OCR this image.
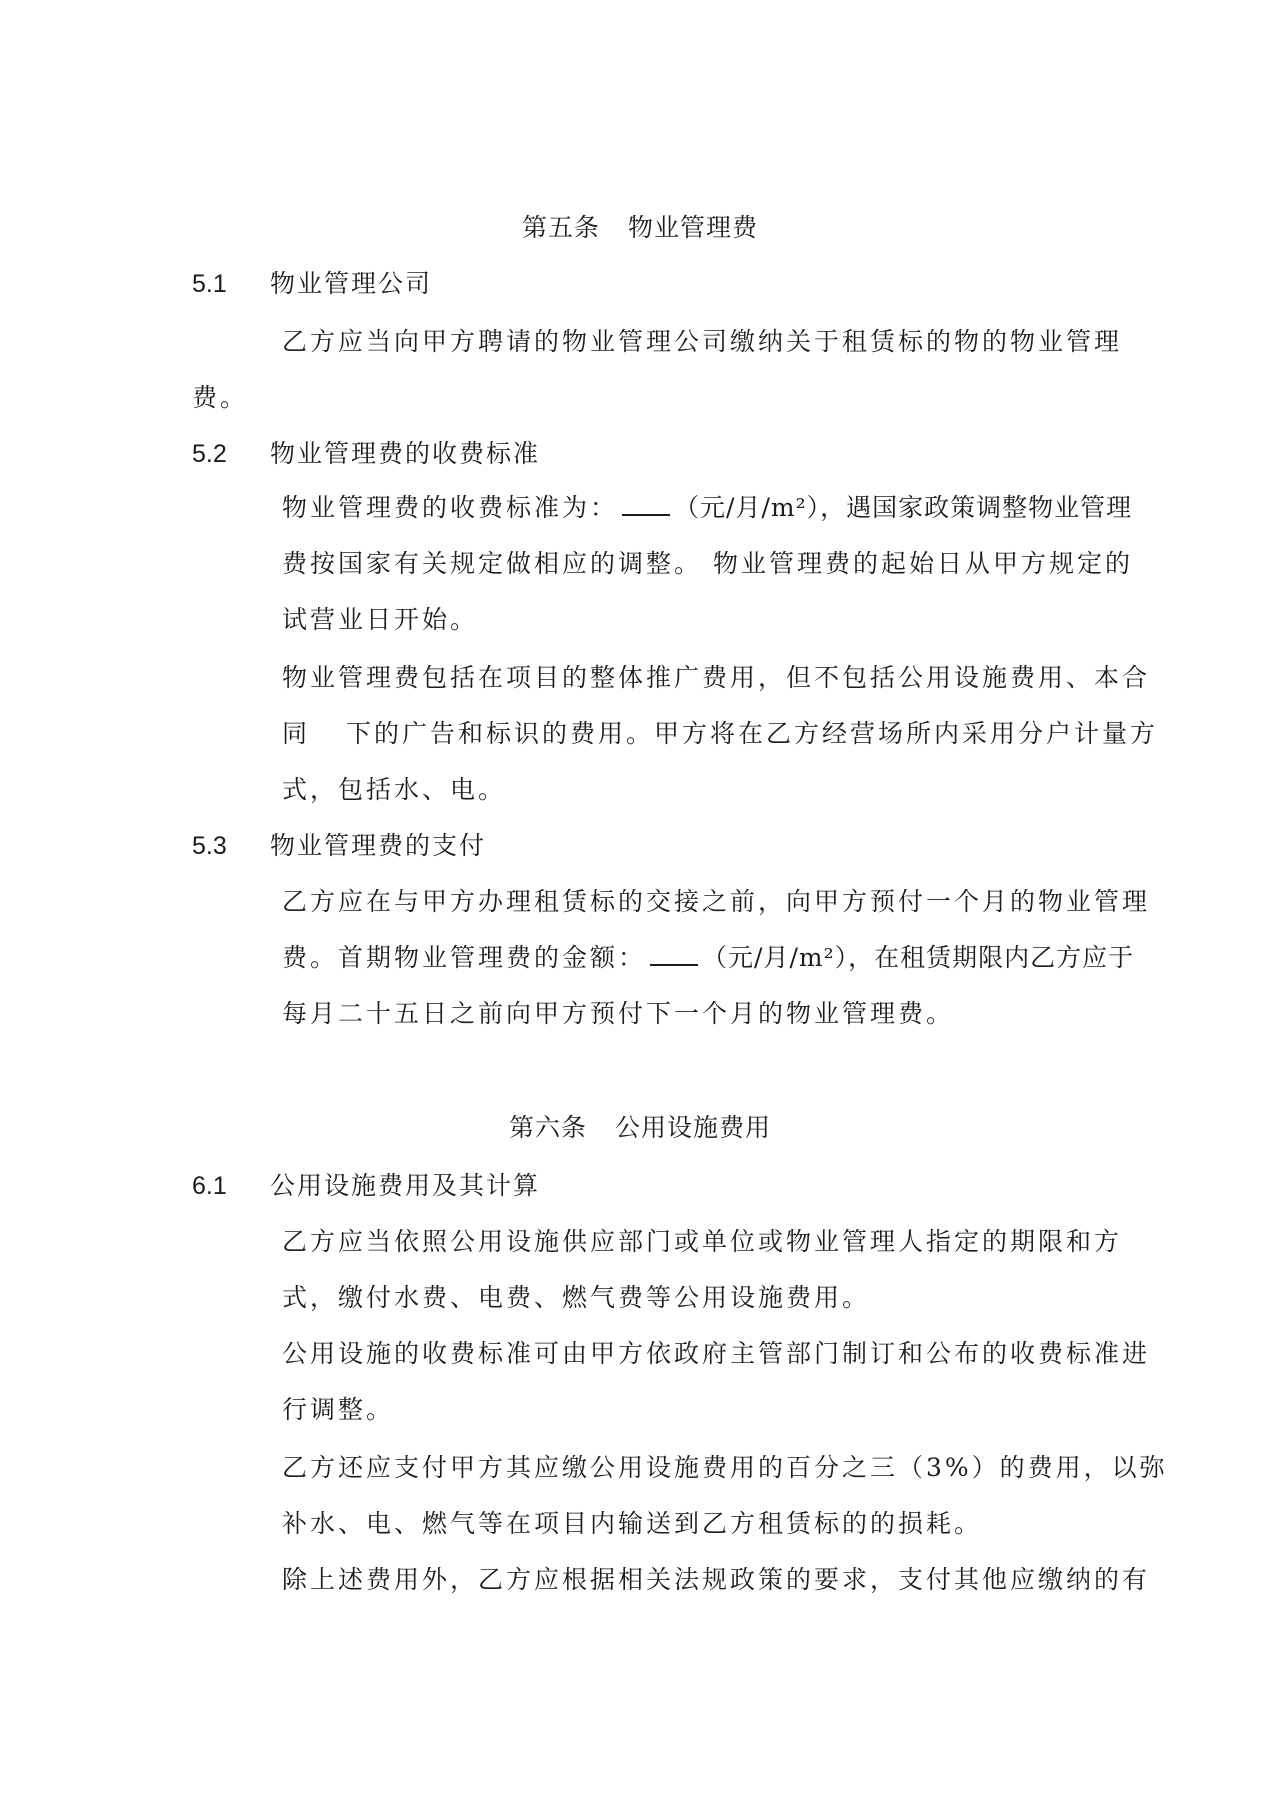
第五条 物业管理费
5.1 物业管理公司
乙方应当向甲方聘请的物业管理公司缴纳关于租赁标的物的物业管理
费。
5.2 物业管理费的收费标准
物业管理费的收费标准为： （元/月/m²），遇国家政策调整物业管理
费按国家有关规定做相应的调整。 物业管理费的起始日从甲方规定的
试营业日开始。
物业管理费包括在项目的整体推广费用，但不包括公用设施费用、本合
同 下的广告和标识的费用。甲方将在乙方经营场所内采用分户计量方
式，包括水、电。
5.3 物业管理费的支付
乙方应在与甲方办理租赁标的交接之前，向甲方预付一个月的物业管理
费。首期物业管理费的金额： （元/月/m²），在租赁期限内乙方应于
每月二十五日之前向甲方预付下一个月的物业管理费。
第六条 公用设施费用
6.1 公用设施费用及其计算
乙方应当依照公用设施供应部门或单位或物业管理人指定的期限和方
式，缴付水费、电费、燃气费等公用设施费用。
公用设施的收费标准可由甲方依政府主管部门制订和公布的收费标准进
行调整。
乙方还应支付甲方其应缴公用设施费用的百分之三（3%）的费用，以弥
补水、电、燃气等在项目内输送到乙方租赁标的的损耗。
除上述费用外，乙方应根据相关法规政策的要求，支付其他应缴纳的有
